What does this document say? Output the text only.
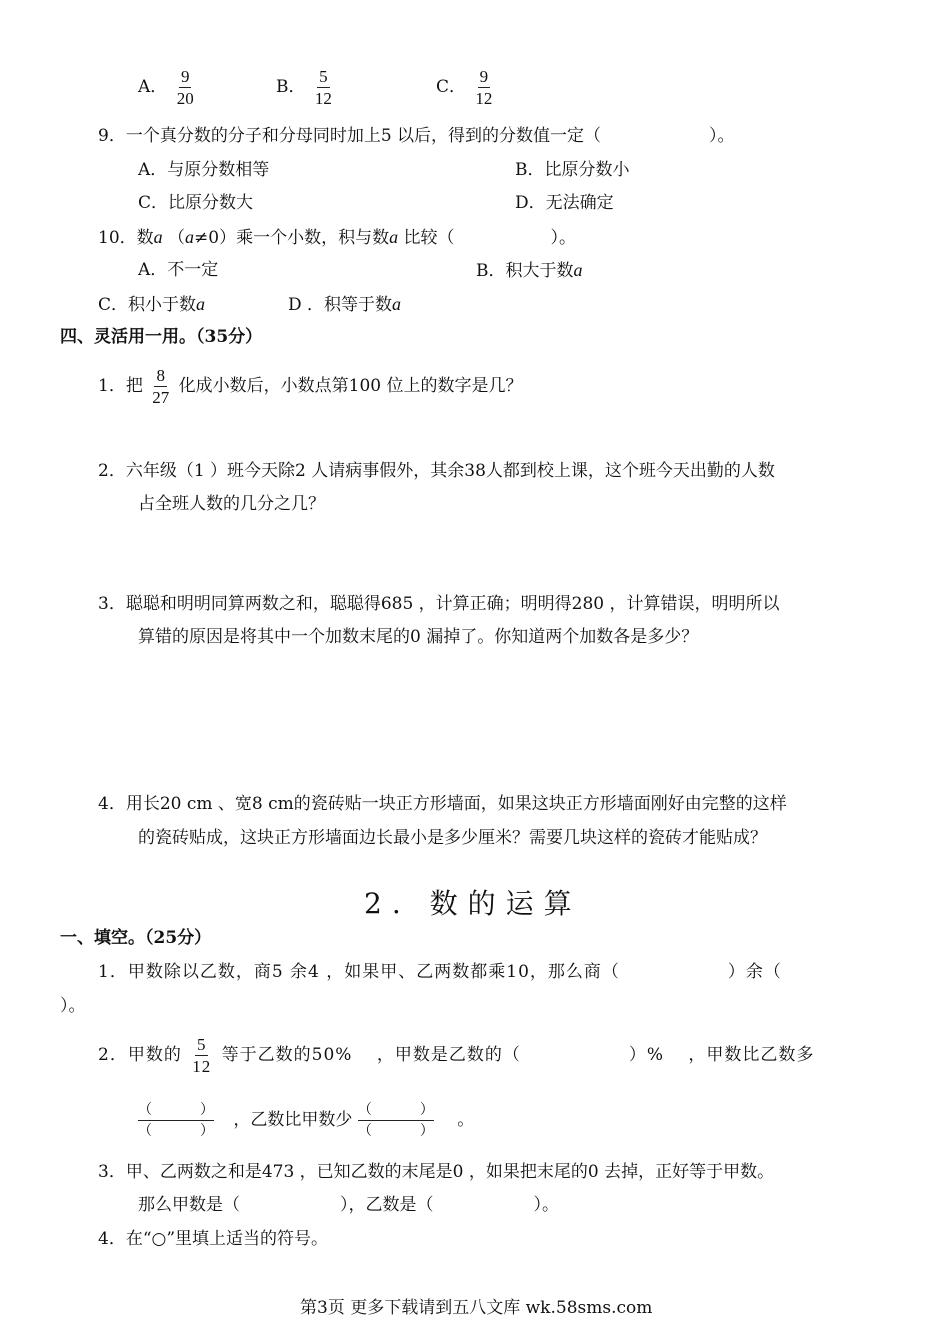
A． $\frac{9}{20}$	B． $\frac{5}{12}$	C． $\frac{9}{12}$
9．一个真分数的分子和分母同时加上5 以后，得到的分数值一定（	）。
A．与原分数相等	B．比原分数小
C．比原分数大	D．无法确定
10．数a （a≠0）乘一个小数，积与数a 比较（	）。
A．不一定	B．积大于数a
C．积小于数a	D ．积等于数a
四、灵活用一用。（35分）
1．把 $\frac{8}{27}$ 化成小数后，小数点第100 位上的数字是几？
2．六年级（1 ）班今天除2 人请病事假外，其余38人都到校上课，这个班今天出勤的人数
占全班人数的几分之几？
3．聪聪和明明同算两数之和，聪聪得685 ，计算正确；明明得280 ，计算错误，明明所以
算错的原因是将其中一个加数末尾的0 漏掉了。你知道两个加数各是多少？
4．用长20 cm 、宽8 cm的瓷砖贴一块正方形墙面，如果这块正方形墙面刚好由完整的这样
的瓷砖贴成，这块正方形墙面边长最小是多少厘米？需要几块这样的瓷砖才能贴成？
2. 数的运算
一、填空。（25分）
1．甲数除以乙数，商5 余4 ，如果甲、乙两数都乘10，那么商（	）余（
）。
2．甲数的 $\frac{5}{12}$ 等于乙数的50%　 ，甲数是乙数的（	）%　 ，甲数比乙数多
（	）
（	） ，乙数比甲数少 （	）
（	） 。
3．甲、乙两数之和是473 ，已知乙数的末尾是0 ，如果把末尾的0 去掉，正好等于甲数。
那么甲数是（	），乙数是（	）。
4．在“○”里填上适当的符号。
第3页 更多下载请到五八文库 wk.58sms.com
